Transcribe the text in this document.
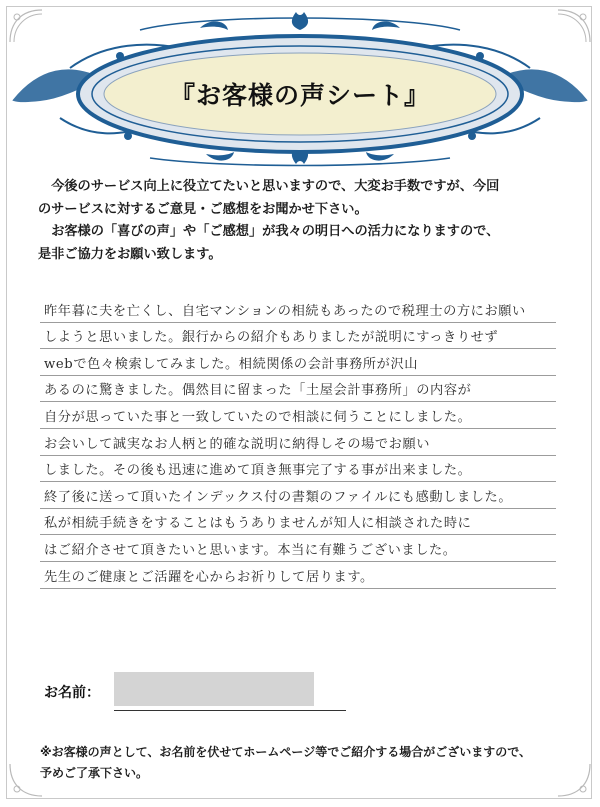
『お客様の声シート』

今後のサービス向上に役立てたいと思いますので、大変お手数ですが、今回

のサービスに対するご意見・ご感想をお聞かせ下さい。

お客様の「喜びの声」や「ご感想」が我々の明日への活力になりますので、

是非ご協力をお願い致します。

昨年暮に夫を亡くし、自宅マンションの相続もあったので税理士の方にお願い
しようと思いました。銀行からの紹介もありましたが説明にすっきりせず
webで色々検索してみました。相続関係の会計事務所が沢山
あるのに驚きました。偶然目に留まった「土屋会計事務所」の内容が
自分が思っていた事と一致していたので相談に伺うことにしました。
お会いして誠実なお人柄と的確な説明に納得しその場でお願い
しました。その後も迅速に進めて頂き無事完了する事が出来ました。
終了後に送って頂いたインデックス付の書類のファイルにも感動しました。
私が相続手続きをすることはもうありませんが知人に相談された時に
はご紹介させて頂きたいと思います。本当に有難うございました。
先生のご健康とご活躍を心からお祈りして居ります。
お名前：

※お客様の声として、お名前を伏せてホームページ等でご紹介する場合がございますので、

予めご了承下さい。
